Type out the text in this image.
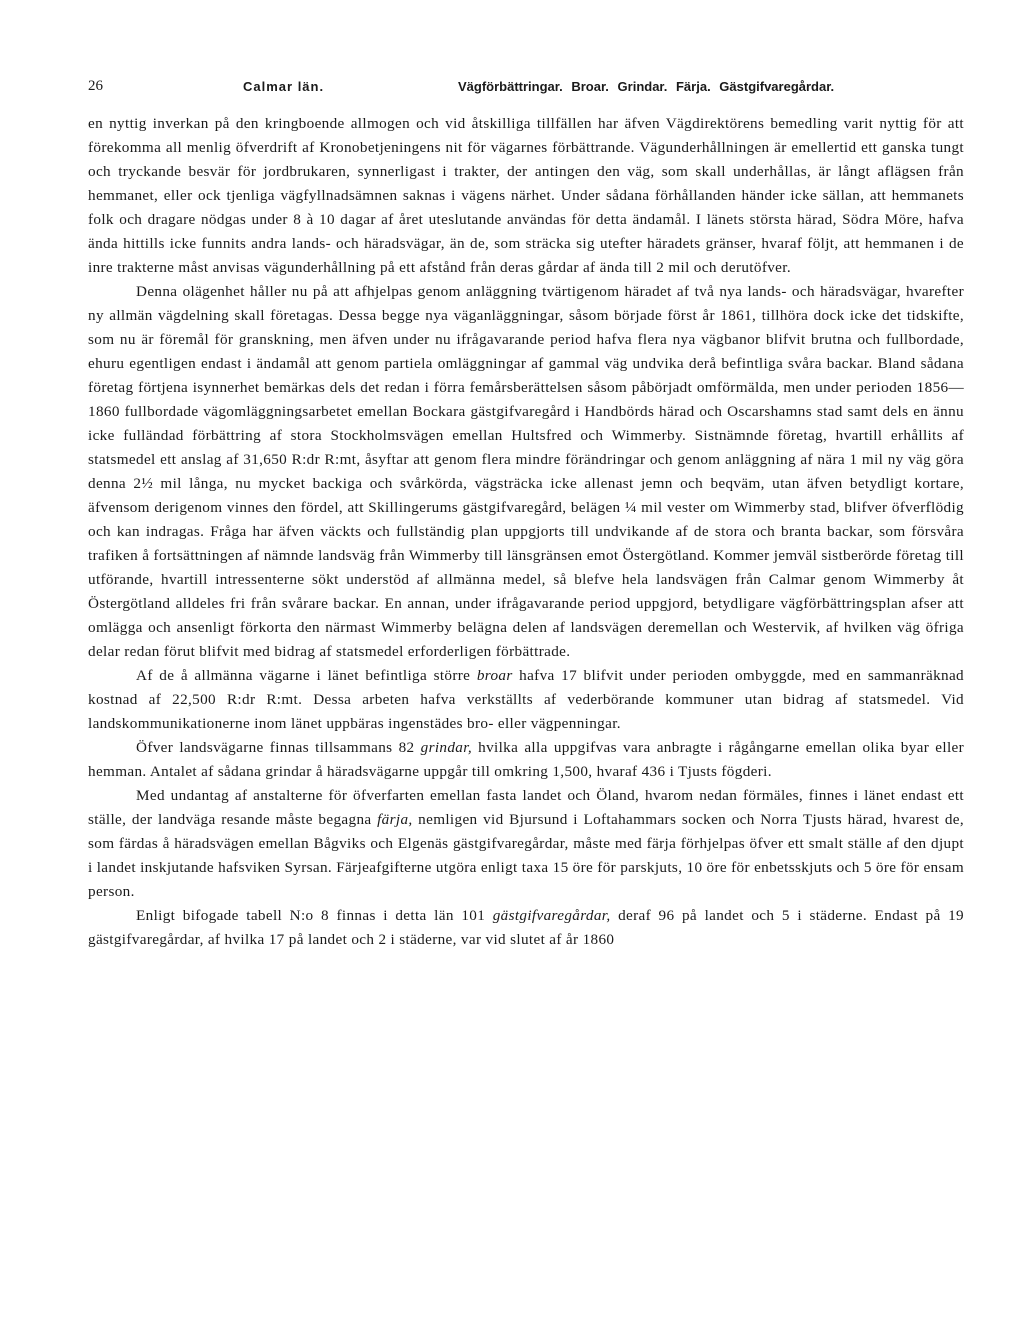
26	Calmar län.	Vägförbättringar. Broar. Grindar. Färja. Gästgifvaregårdar.

en nyttig inverkan på den kringboende allmogen och vid åtskilliga tillfällen har äfven Vägdirektörens bemedling varit nyttig för att förekomma all menlig öfverdrift af Kronobetjeningens nit för vägarnes förbättrande. Vägunderhållningen är emellertid ett ganska tungt och tryckande besvär för jordbrukaren, synnerligast i trakter, der antingen den väg, som skall underhållas, är långt aflägsen från hemmanet, eller ock tjenliga vägfyllnadsämnen saknas i vägens närhet. Under sådana förhållanden händer icke sällan, att hemmanets folk och dragare nödgas under 8 à 10 dagar af året uteslutande användas för detta ändamål. I länets största härad, Södra Möre, hafva ända hittills icke funnits andra lands- och häradsvägar, än de, som sträcka sig utefter häradets gränser, hvaraf följt, att hemmanen i de inre trakterne måst anvisas vägunderhållning på ett afstånd från deras gårdar af ända till 2 mil och derutöfver.

Denna olägenhet håller nu på att afhjelpas genom anläggning tvärtigenom häradet af två nya lands- och häradsvägar, hvarefter ny allmän vägdelning skall företagas. Dessa begge nya väganläggningar, såsom började först år 1861, tillhöra dock icke det tidskifte, som nu är föremål för granskning, men äfven under nu ifrågavarande period hafva flera nya vägbanor blifvit brutna och fullbordade, ehuru egentligen endast i ändamål att genom partiela omläggningar af gammal väg undvika derå befintliga svåra backar. Bland sådana företag förtjena isynnerhet bemärkas dels det redan i förra femårsberättelsen såsom påbörjadt omförmälda, men under perioden 1856—1860 fullbordade vägomläggningsarbetet emellan Bockara gästgifvaregård i Handbörds härad och Oscarshamns stad samt dels en ännu icke fulländad förbättring af stora Stockholmsvägen emellan Hultsfred och Wimmerby. Sistnämnde företag, hvartill erhållits af statsmedel ett anslag af 31,650 R:dr R:mt, åsyftar att genom flera mindre förändringar och genom anläggning af nära 1 mil ny väg göra denna 2½ mil långa, nu mycket backiga och svårkörda, vägsträcka icke allenast jemn och beqväm, utan äfven betydligt kortare, äfvensom derigenom vinnes den fördel, att Skillingerums gästgifvaregård, belägen ¼ mil vester om Wimmerby stad, blifver öfverflödig och kan indragas. Fråga har äfven väckts och fullständig plan uppgjorts till undvikande af de stora och branta backar, som försvåra trafiken å fortsättningen af nämnde landsväg från Wimmerby till länsgränsen emot Östergötland. Kommer jemväl sistberörde företag till utförande, hvartill intressenterne sökt understöd af allmänna medel, så blefve hela landsvägen från Calmar genom Wimmerby åt Östergötland alldeles fri från svårare backar. En annan, under ifrågavarande period uppgjord, betydligare vägförbättringsplan afser att omlägga och ansenligt förkorta den närmast Wimmerby belägna delen af landsvägen deremellan och Westervik, af hvilken väg öfriga delar redan förut blifvit med bidrag af statsmedel erforderligen förbättrade.

Af de å allmänna vägarne i länet befintliga större broar hafva 17 blifvit under perioden ombyggde, med en sammanräknad kostnad af 22,500 R:dr R:mt. Dessa arbeten hafva verkställts af vederbörande kommuner utan bidrag af statsmedel. Vid landskommunikationerne inom länet uppbäras ingenstädes bro- eller vägpenningar.

Öfver landsvägarne finnas tillsammans 82 grindar, hvilka alla uppgifvas vara anbragte i rågångarne emellan olika byar eller hemman. Antalet af sådana grindar å häradsvägarne uppgår till omkring 1,500, hvaraf 436 i Tjusts fögderi.

Med undantag af anstalterne för öfverfarten emellan fasta landet och Öland, hvarom nedan förmäles, finnes i länet endast ett ställe, der landväga resande måste begagna färja, nemligen vid Bjursund i Loftahammars socken och Norra Tjusts härad, hvarest de, som färdas å häradsvägen emellan Bågviks och Elgenäs gästgifvaregårdar, måste med färja förhjelpas öfver ett smalt ställe af den djupt i landet inskjutande hafsviken Syrsan. Färjeafgifterne utgöra enligt taxa 15 öre för parskjuts, 10 öre för enbetsskjuts och 5 öre för ensam person.

Enligt bifogade tabell N:o 8 finnas i detta län 101 gästgifvaregårdar, deraf 96 på landet och 5 i städerne. Endast på 19 gästgifvaregårdar, af hvilka 17 på landet och 2 i städerne, var vid slutet af år 1860
